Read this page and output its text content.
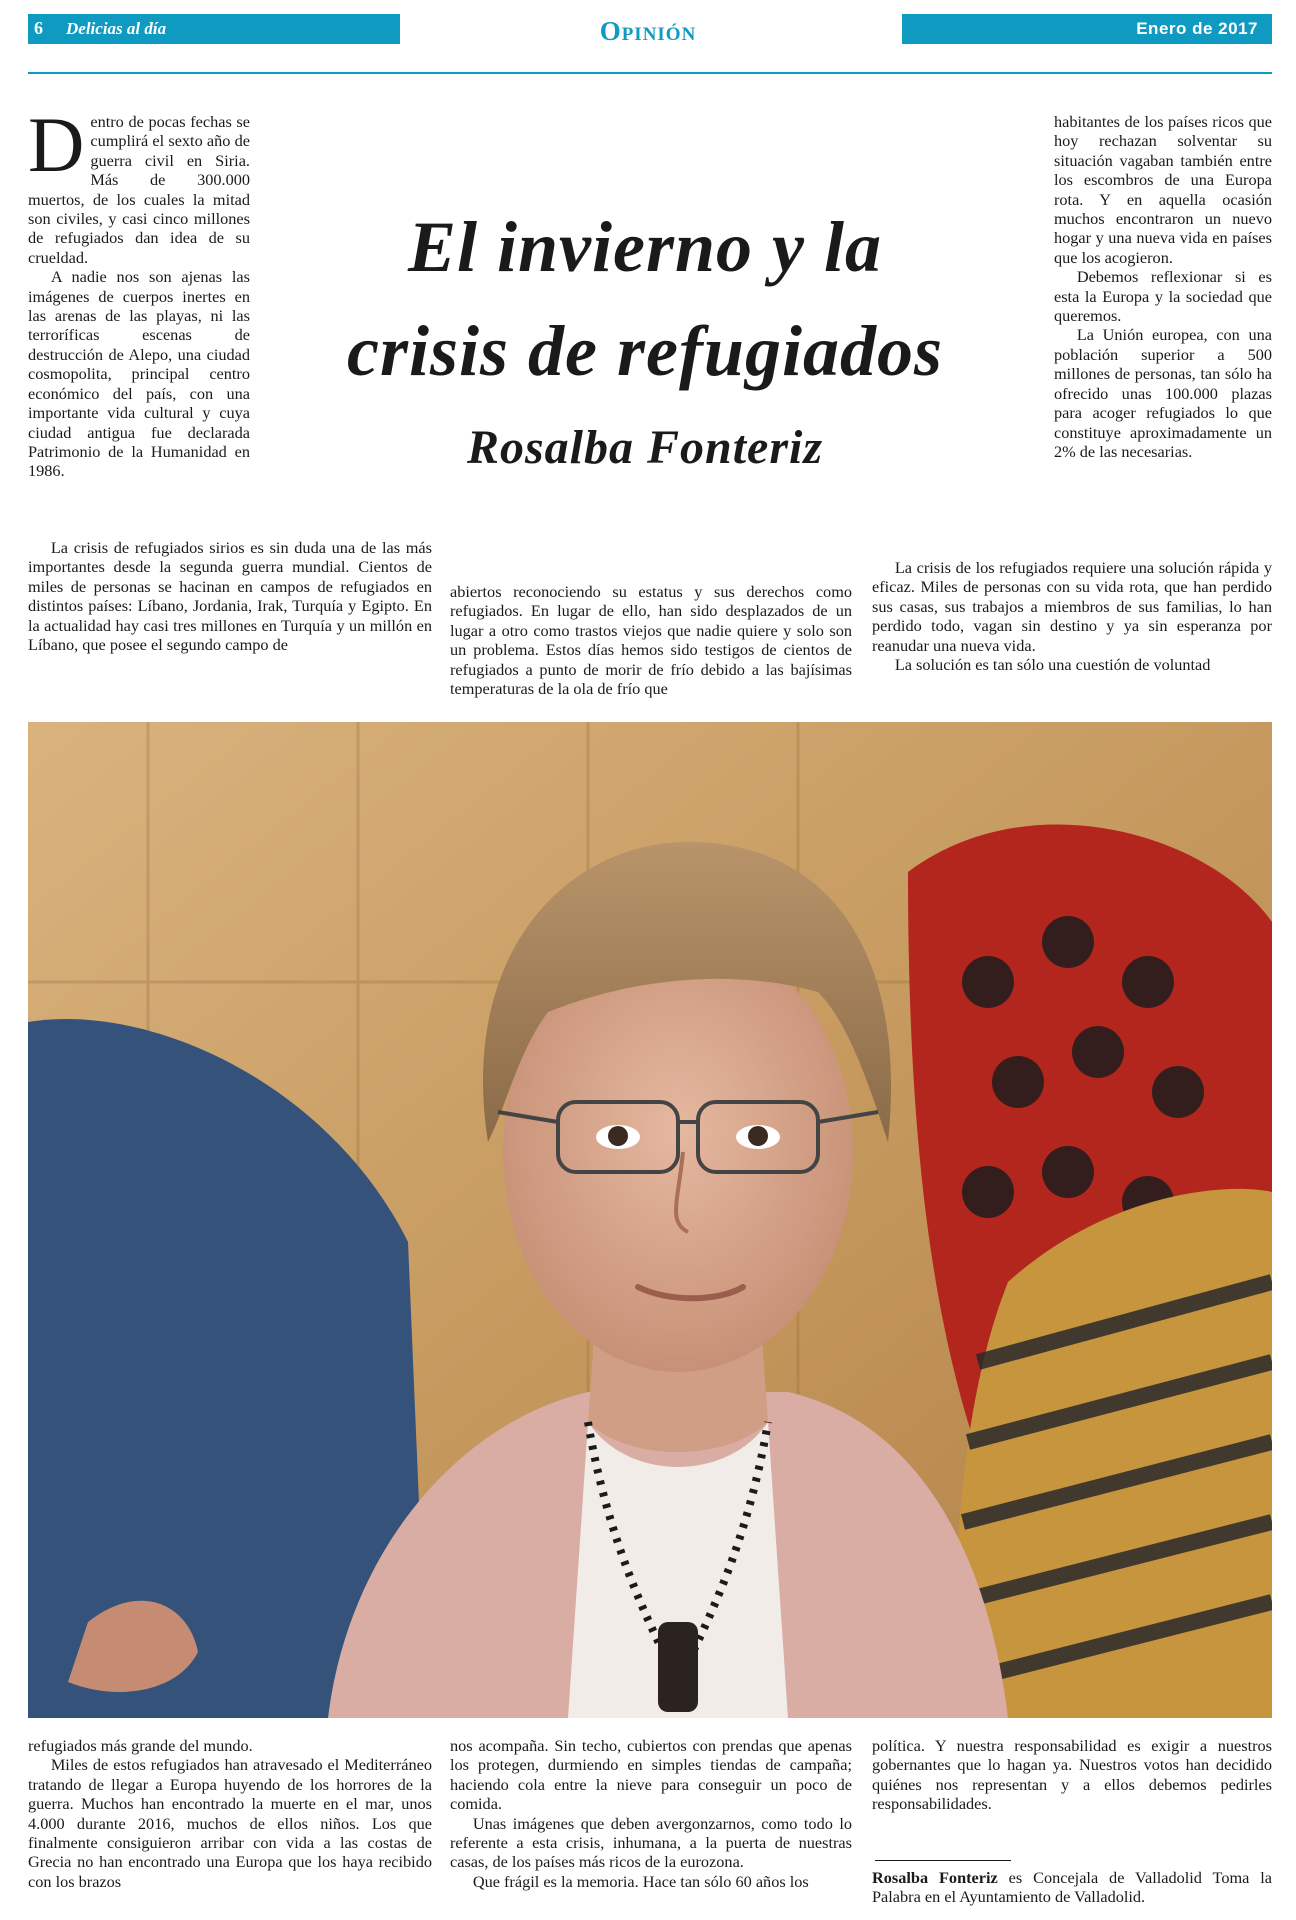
6 Delicias al día	Opinión	Enero de 2017

Dentro de pocas fechas se cumplirá el sexto año de guerra civil en Siria. Más de 300.000 muertos, de los cuales la mitad son civiles, y casi cinco millones de refugiados dan idea de su crueldad.

A nadie nos son ajenas las imágenes de cuerpos inertes en las arenas de las playas, ni las terroríficas escenas de destrucción de Alepo, una ciudad cosmopolita, principal centro económico del país, con una importante vida cultural y cuya ciudad antigua fue declarada Patrimonio de la Humanidad en 1986.

La crisis de refugiados sirios es sin duda una de las más importantes desde la segunda guerra mundial. Cientos de miles de personas se hacinan en campos de refugiados en distintos países: Líbano, Jordania, Irak, Turquía y Egipto. En la actualidad hay casi tres millones en Turquía y un millón en Líbano, que posee el segundo campo de

El invierno y la
crisis de refugiados
Rosalba Fonteriz

abiertos reconociendo su estatus y sus derechos como refugiados. En lugar de ello, han sido desplazados de un lugar a otro como trastos viejos que nadie quiere y solo son un problema. Estos días hemos sido testigos de cientos de refugiados a punto de morir de frío debido a las bajísimas temperaturas de la ola de frío que

habitantes de los países ricos que hoy rechazan solventar su situación vagaban también entre los escombros de una Europa rota. Y en aquella ocasión muchos encontraron un nuevo hogar y una nueva vida en países que los acogieron.

Debemos reflexionar si es esta la Europa y la sociedad que queremos.

La Unión europea, con una población superior a 500 millones de personas, tan sólo ha ofrecido unas 100.000 plazas para acoger refugiados lo que constituye aproximadamente un 2% de las necesarias.

La crisis de los refugiados requiere una solución rápida y eficaz. Miles de personas con su vida rota, que han perdido sus casas, sus trabajos a miembros de sus familias, lo han perdido todo, vagan sin destino y ya sin esperanza por reanudar una nueva vida.

La solución es tan sólo una cuestión de voluntad

refugiados más grande del mundo.

Miles de estos refugiados han atravesado el Mediterráneo tratando de llegar a Europa huyendo de los horrores de la guerra. Muchos han encontrado la muerte en el mar, unos 4.000 durante 2016, muchos de ellos niños. Los que finalmente consiguieron arribar con vida a las costas de Grecia no han encontrado una Europa que los haya recibido con los brazos

nos acompaña. Sin techo, cubiertos con prendas que apenas los protegen, durmiendo en simples tiendas de campaña; haciendo cola entre la nieve para conseguir un poco de comida.

Unas imágenes que deben avergonzarnos, como todo lo referente a esta crisis, inhumana, a la puerta de nuestras casas, de los países más ricos de la eurozona.

Que frágil es la memoria. Hace tan sólo 60 años los

política. Y nuestra responsabilidad es exigir a nuestros gobernantes que lo hagan ya. Nuestros votos han decidido quiénes nos representan y a ellos debemos pedirles responsabilidades.

Rosalba Fonteriz es Concejala de Valladolid Toma la Palabra en el Ayuntamiento de Valladolid.
